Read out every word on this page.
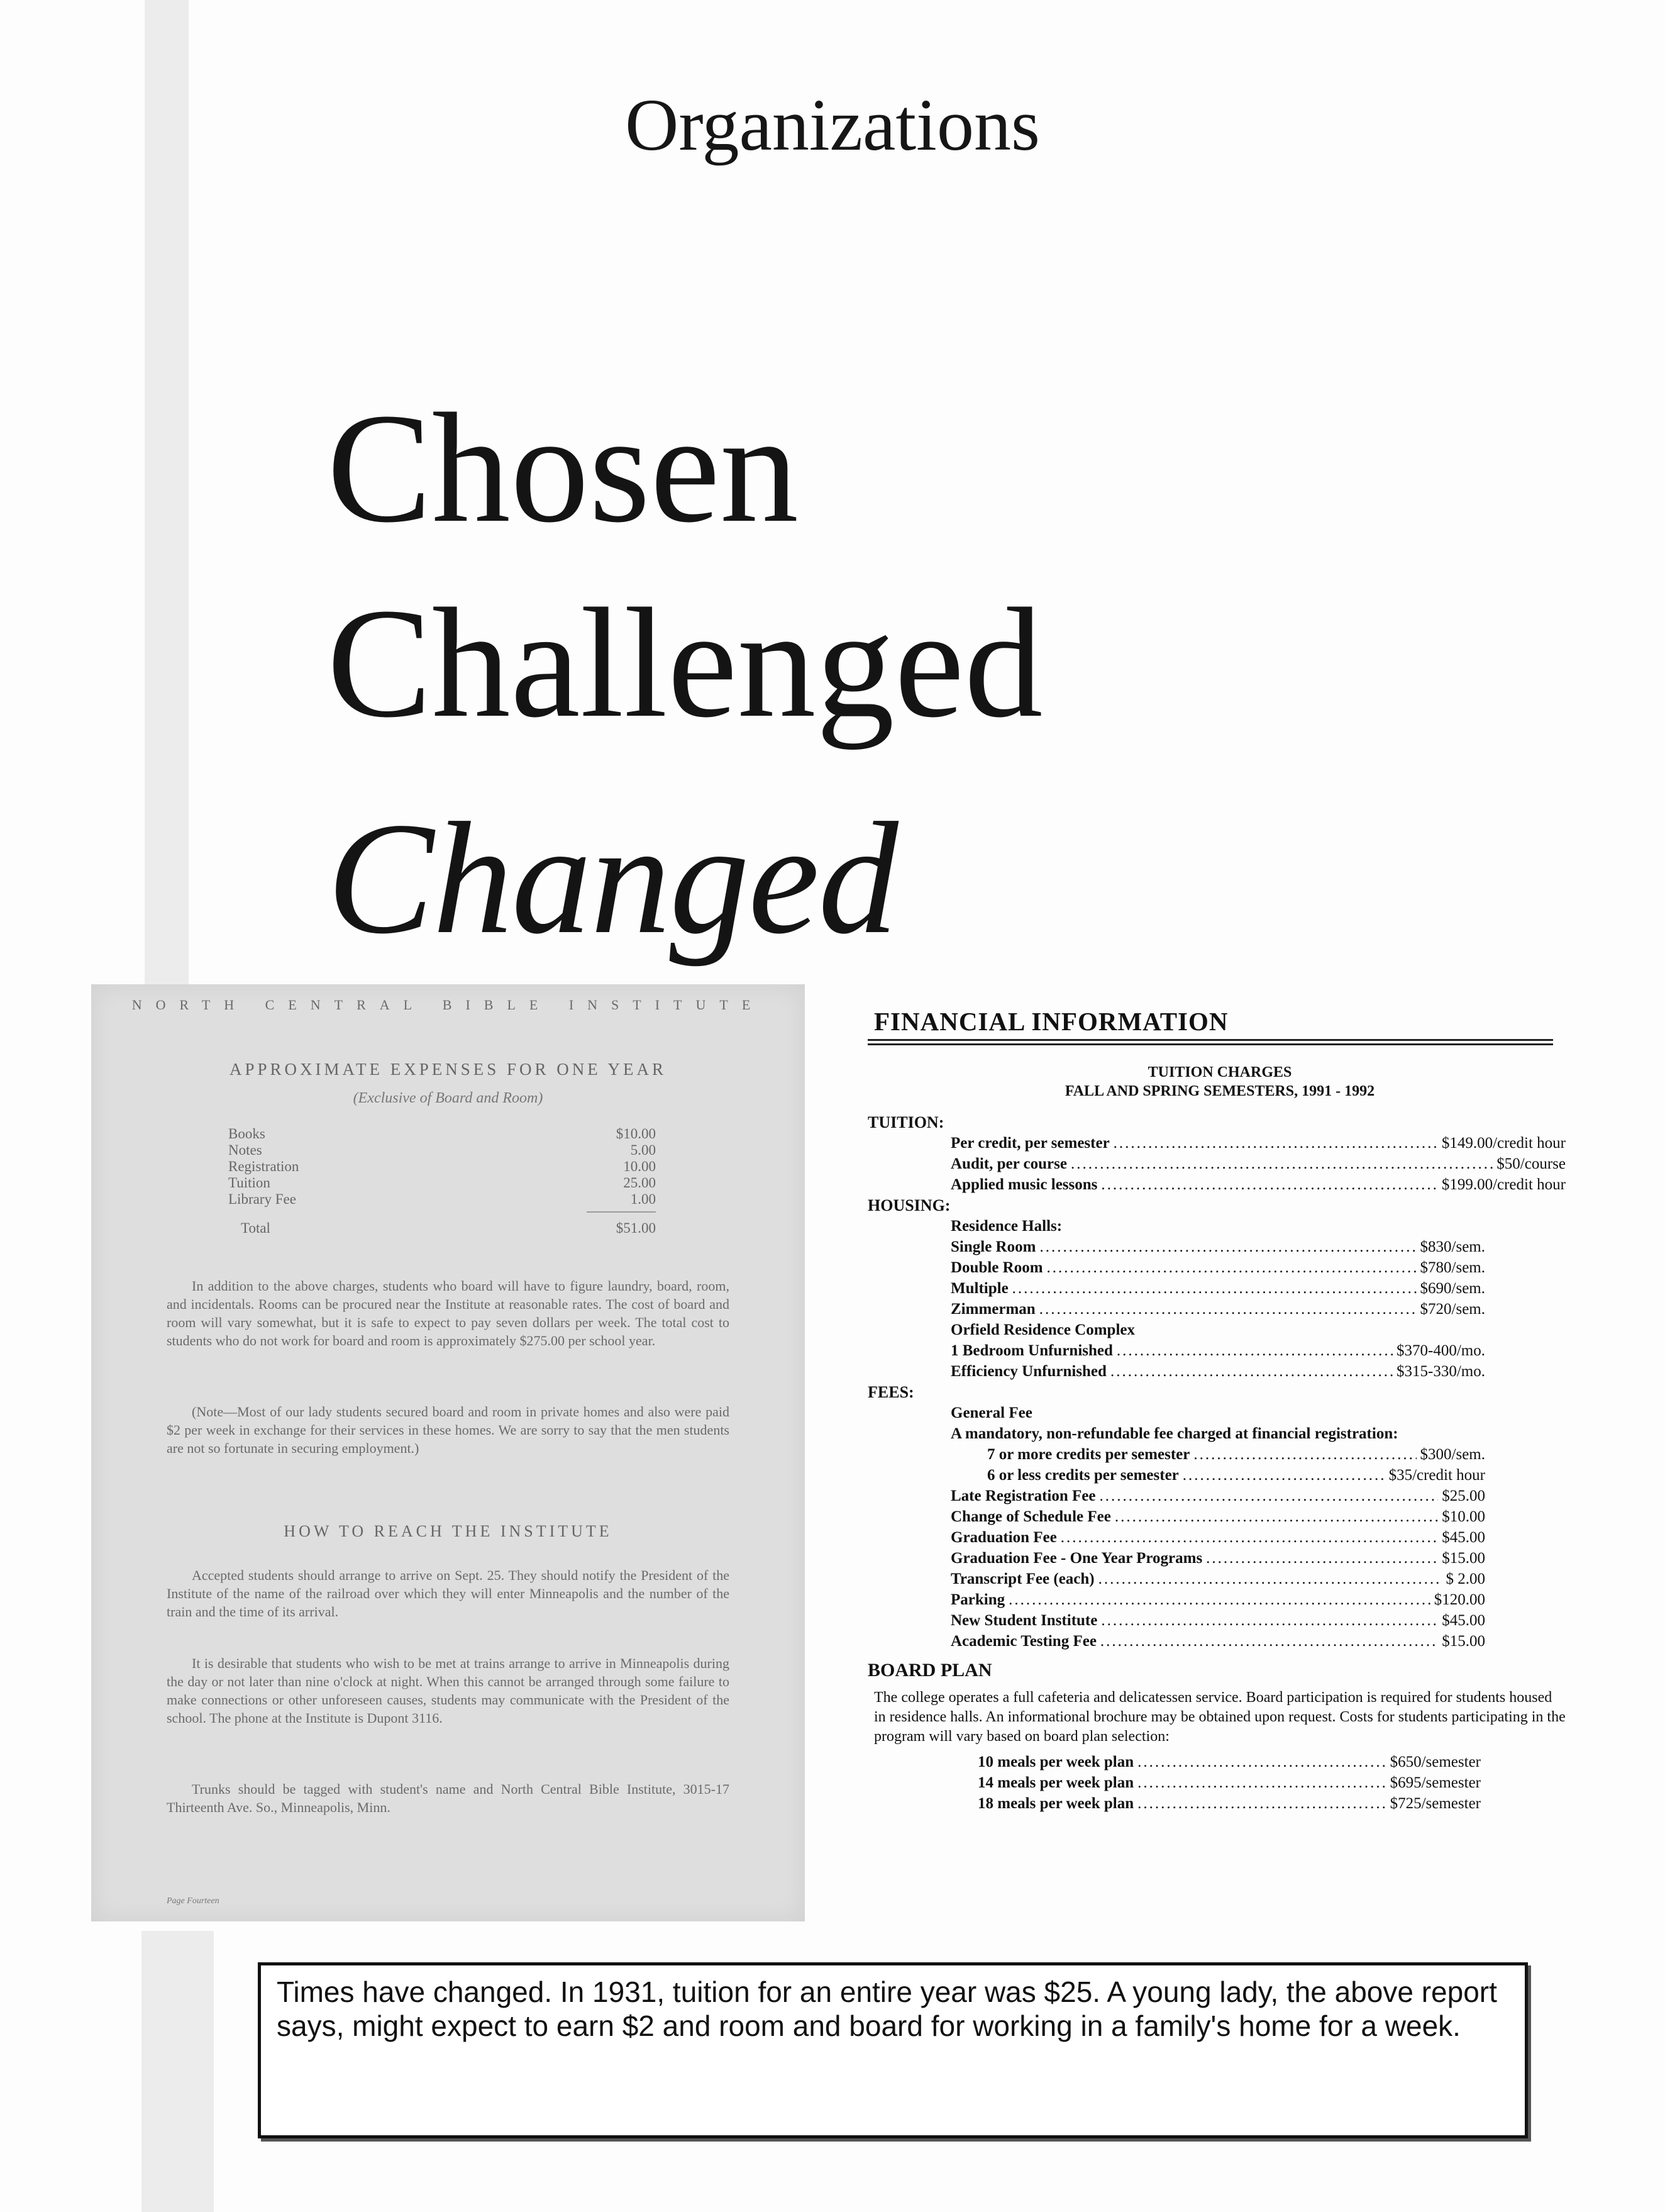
Organizations
Chosen
Challenged
Changed
NORTH CENTRAL BIBLE INSTITUTE
APPROXIMATE EXPENSES FOR ONE YEAR
(Exclusive of Board and Room)
Books	$10.00
Notes	5.00
Registration	10.00
Tuition	25.00
Library Fee	1.00
Total	$51.00
In addition to the above charges, students who board will have to figure laundry, board, room, and incidentals. Rooms can be procured near the Institute at reasonable rates. The cost of board and room will vary somewhat, but it is safe to expect to pay seven dollars per week. The total cost to students who do not work for board and room is approximately $275.00 per school year.
(Note—Most of our lady students secured board and room in private homes and also were paid $2 per week in exchange for their services in these homes. We are sorry to say that the men students are not so fortunate in securing employment.)
HOW TO REACH THE INSTITUTE
Accepted students should arrange to arrive on Sept. 25. They should notify the President of the Institute of the name of the railroad over which they will enter Minneapolis and the number of the train and the time of its arrival.
It is desirable that students who wish to be met at trains arrange to arrive in Minneapolis during the day or not later than nine o'clock at night. When this cannot be arranged through some failure to make connections or other unforeseen causes, students may communicate with the President of the school. The phone at the Institute is Dupont 3116.
Trunks should be tagged with student's name and North Central Bible Institute, 3015-17 Thirteenth Ave. So., Minneapolis, Minn.
Page Fourteen
FINANCIAL INFORMATION
TUITION CHARGES
FALL AND SPRING SEMESTERS, 1991 - 1992
TUITION:
Per credit, per semester .....	$149.00/credit hour
Audit, per course .....	$50/course
Applied music lessons .....	$199.00/credit hour
HOUSING:
Residence Halls:
Single Room .....	$830/sem.
Double Room .....	$780/sem.
Multiple .....	$690/sem.
Zimmerman .....	$720/sem.
Orfield Residence Complex
1 Bedroom Unfurnished .....	$370-400/mo.
Efficiency Unfurnished .....	$315-330/mo.
FEES:
General Fee
A mandatory, non-refundable fee charged at financial registration:
7 or more credits per semester .....	$300/sem.
6 or less credits per semester .....	$35/credit hour
Late Registration Fee .....	$25.00
Change of Schedule Fee .....	$10.00
Graduation Fee .....	$45.00
Graduation Fee - One Year Programs .....	$15.00
Transcript Fee (each) .....	$ 2.00
Parking .....	$120.00
New Student Institute .....	$45.00
Academic Testing Fee .....	$15.00
BOARD PLAN
The college operates a full cafeteria and delicatessen service. Board participation is required for students housed in residence halls. An informational brochure may be obtained upon request. Costs for students participating in the program will vary based on board plan selection:
10 meals per week plan .....	$650/semester
14 meals per week plan .....	$695/semester
18 meals per week plan .....	$725/semester
Times have changed. In 1931, tuition for an entire year was $25. A young lady, the above report says, might expect to earn $2 and room and board for working in a family's home for a week.
